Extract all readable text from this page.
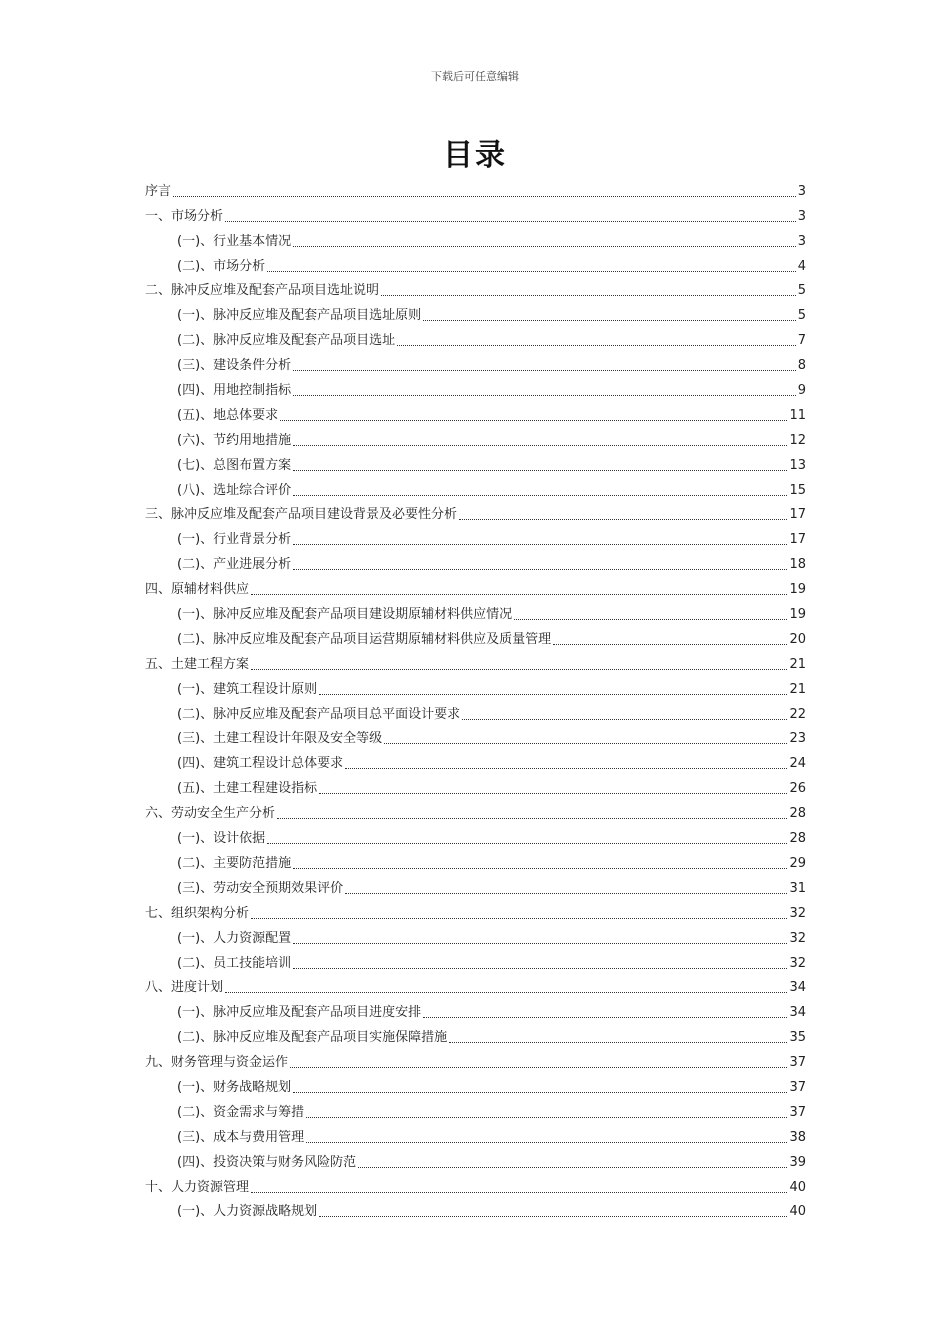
下载后可任意编辑
目录
序言	3
一、市场分析	3
(一)、行业基本情况	3
(二)、市场分析	4
二、脉冲反应堆及配套产品项目选址说明	5
(一)、脉冲反应堆及配套产品项目选址原则	5
(二)、脉冲反应堆及配套产品项目选址	7
(三)、建设条件分析	8
(四)、用地控制指标	9
(五)、地总体要求	11
(六)、节约用地措施	12
(七)、总图布置方案	13
(八)、选址综合评价	15
三、脉冲反应堆及配套产品项目建设背景及必要性分析	17
(一)、行业背景分析	17
(二)、产业进展分析	18
四、原辅材料供应	19
(一)、脉冲反应堆及配套产品项目建设期原辅材料供应情况	19
(二)、脉冲反应堆及配套产品项目运营期原辅材料供应及质量管理	20
五、土建工程方案	21
(一)、建筑工程设计原则	21
(二)、脉冲反应堆及配套产品项目总平面设计要求	22
(三)、土建工程设计年限及安全等级	23
(四)、建筑工程设计总体要求	24
(五)、土建工程建设指标	26
六、劳动安全生产分析	28
(一)、设计依据	28
(二)、主要防范措施	29
(三)、劳动安全预期效果评价	31
七、组织架构分析	32
(一)、人力资源配置	32
(二)、员工技能培训	32
八、进度计划	34
(一)、脉冲反应堆及配套产品项目进度安排	34
(二)、脉冲反应堆及配套产品项目实施保障措施	35
九、财务管理与资金运作	37
(一)、财务战略规划	37
(二)、资金需求与筹措	37
(三)、成本与费用管理	38
(四)、投资决策与财务风险防范	39
十、人力资源管理	40
(一)、人力资源战略规划	40
